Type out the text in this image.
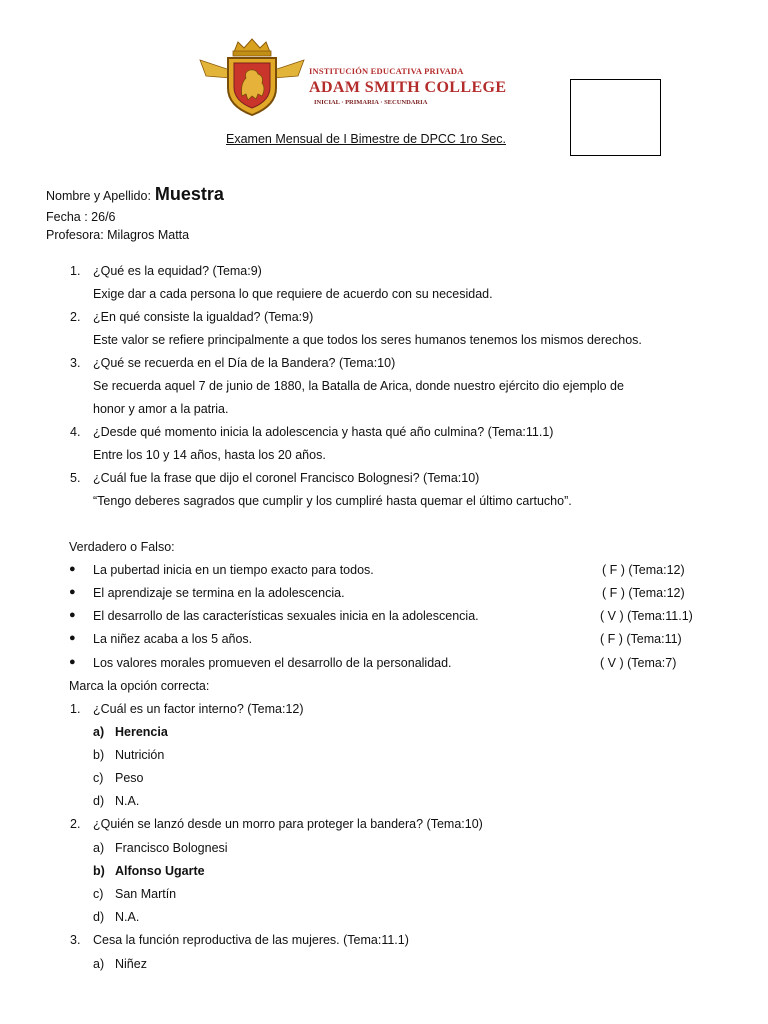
INSTITUCIÓN EDUCATIVA PRIVADA
ADAM SMITH COLLEGE
INICIAL · PRIMARIA · SECUNDARIA
Examen Mensual de I Bimestre de DPCC 1ro Sec.
Nombre y Apellido: Muestra
Fecha : 26/6
Profesora: Milagros Matta
1. ¿Qué es la equidad? (Tema:9)
Exige dar a cada persona lo que requiere de acuerdo con su necesidad.
2. ¿En qué consiste la igualdad? (Tema:9)
Este valor se refiere principalmente a que todos los seres humanos tenemos los mismos derechos.
3. ¿Qué se recuerda en el Día de la Bandera? (Tema:10)
Se recuerda aquel 7 de junio de 1880, la Batalla de Arica, donde nuestro ejército dio ejemplo de
honor y amor a la patria.
4. ¿Desde qué momento inicia la adolescencia y hasta qué año culmina? (Tema:11.1)
Entre los 10 y 14 años, hasta los 20 años.
5. ¿Cuál fue la frase que dijo el coronel Francisco Bolognesi? (Tema:10)
“Tengo deberes sagrados que cumplir y los cumpliré hasta quemar el último cartucho”.
Verdadero o Falso:
● La pubertad inicia en un tiempo exacto para todos.	( F ) (Tema:12)
● El aprendizaje se termina en la adolescencia.	( F ) (Tema:12)
● El desarrollo de las características sexuales inicia en la adolescencia.	( V ) (Tema:11.1)
● La niñez acaba a los 5 años.	( F ) (Tema:11)
● Los valores morales promueven el desarrollo de la personalidad.	( V ) (Tema:7)
Marca la opción correcta:
1. ¿Cuál es un factor interno? (Tema:12)
a) Herencia
b) Nutrición
c) Peso
d) N.A.
2. ¿Quién se lanzó desde un morro para proteger la bandera? (Tema:10)
a) Francisco Bolognesi
b) Alfonso Ugarte
c) San Martín
d) N.A.
3. Cesa la función reproductiva de las mujeres. (Tema:11.1)
a) Niñez
